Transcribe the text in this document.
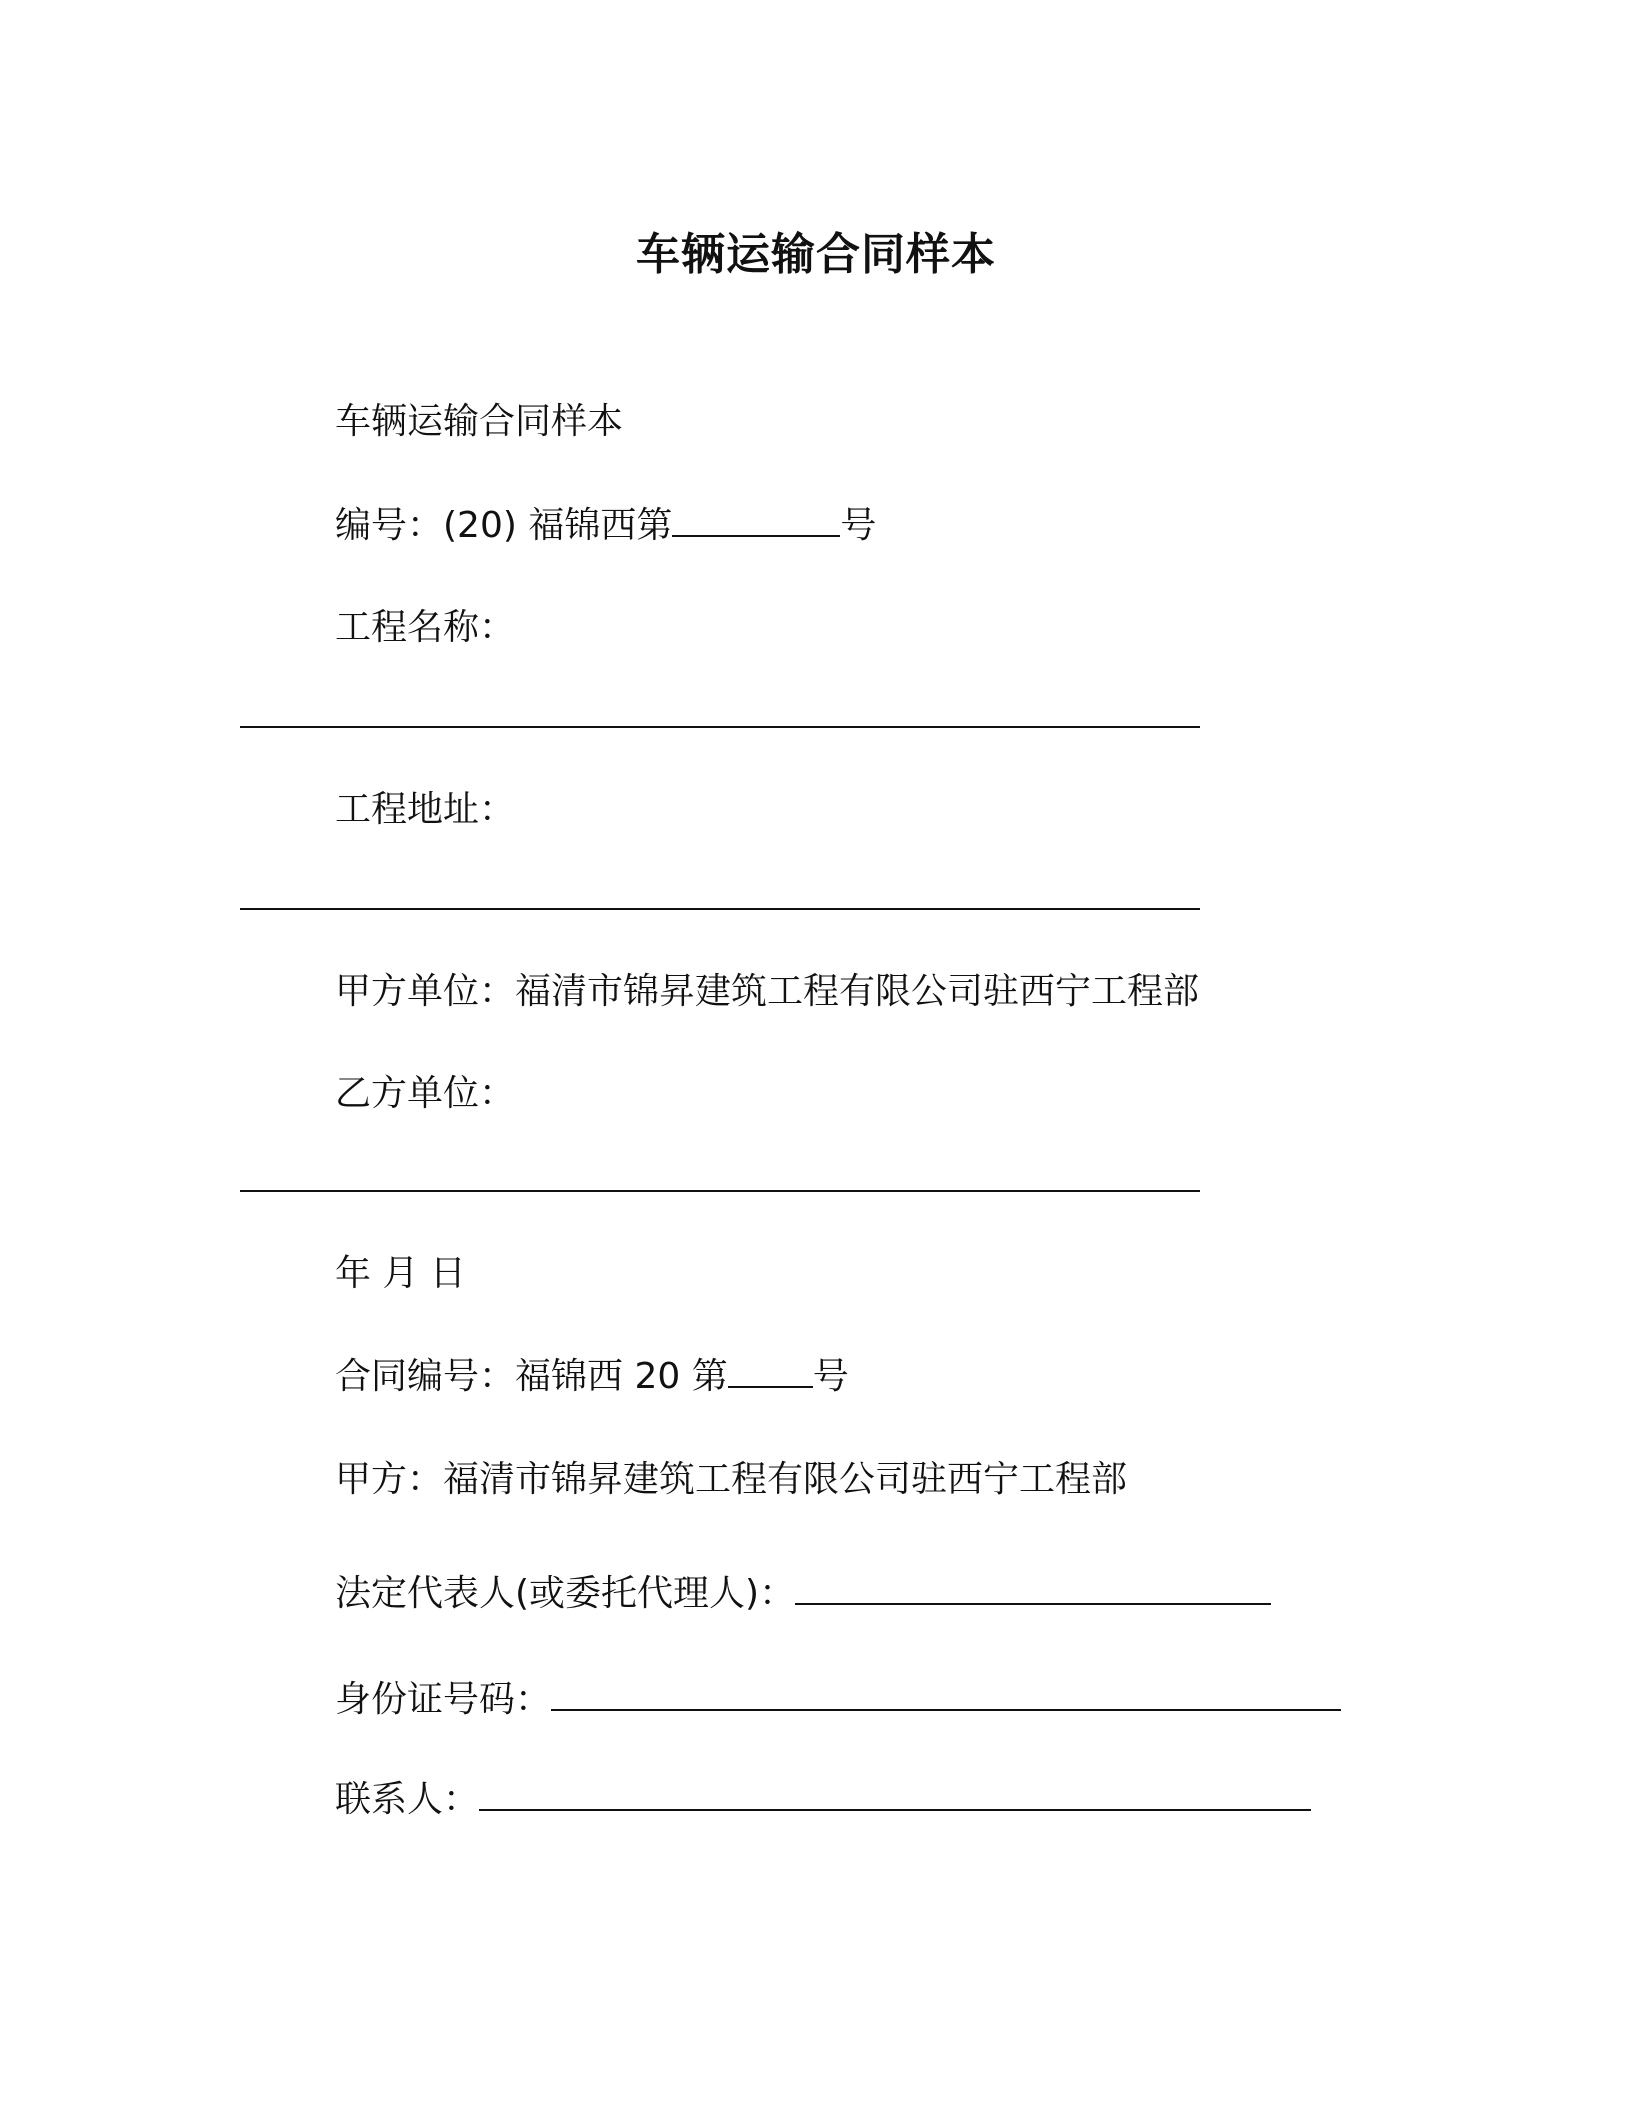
车辆运输合同样本

车辆运输合同样本

编号：(20) 福锦西第	号

工程名称：

工程地址：

甲方单位：福清市锦昇建筑工程有限公司驻西宁工程部

乙方单位：

年 月 日

合同编号：福锦西 20 第 号

甲方：福清市锦昇建筑工程有限公司驻西宁工程部

法定代表人(或委托代理人)：

身份证号码：

联系人：
